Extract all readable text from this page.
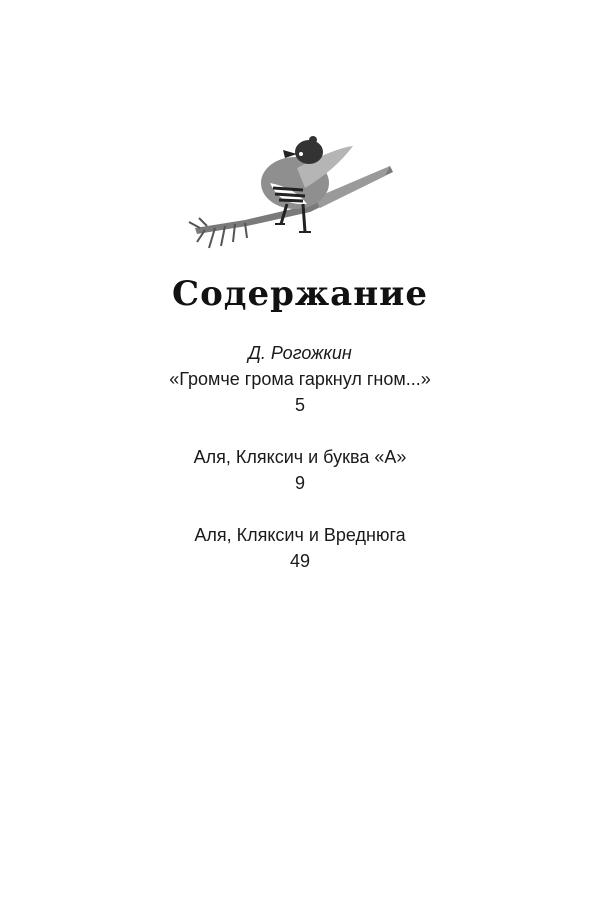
Содержание
Д. Рогожкин
«Громче грома гаркнул гном...»
5
Аля, Кляксич и буква «А»
9
Аля, Кляксич и Вреднюга
49
